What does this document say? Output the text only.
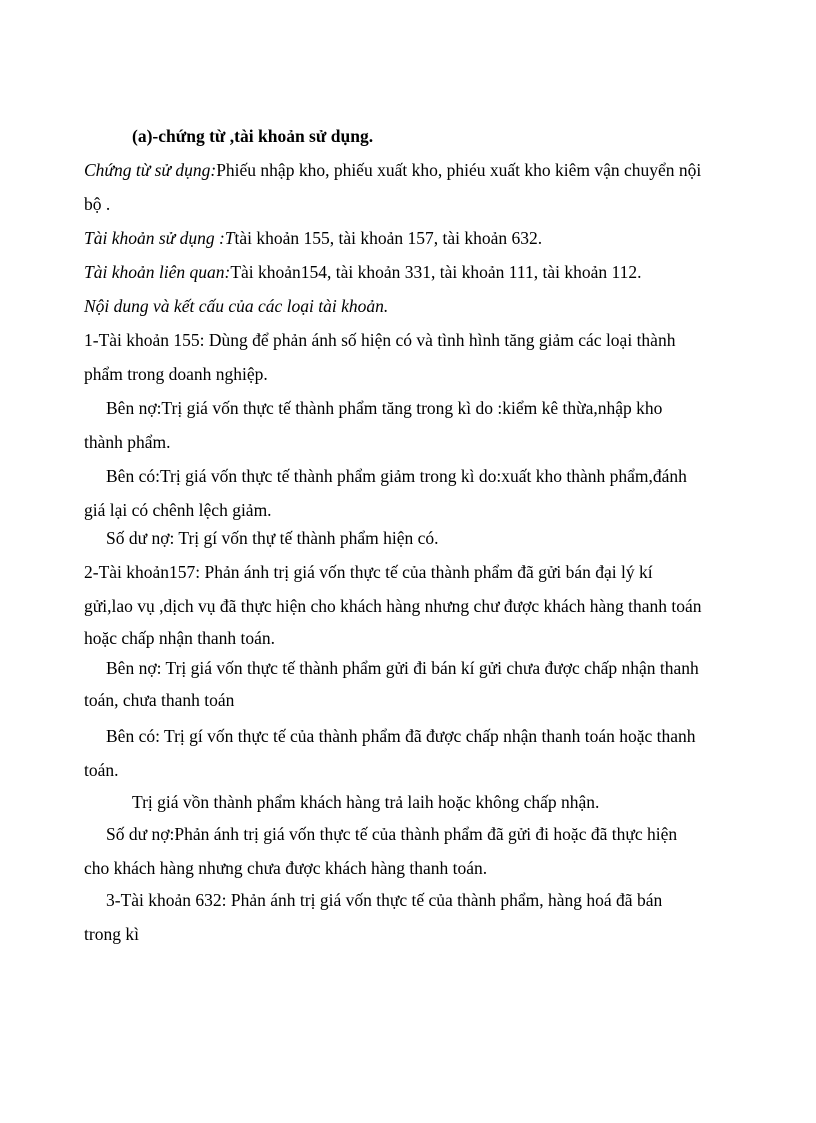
(a)-chứng từ ,tài khoản sử dụng.
Chứng từ sử dụng:Phiếu nhập kho, phiếu xuất kho, phiéu xuất kho kiêm vận chuyển nội
bộ .
Tài khoản sử dụng :Ttài khoản 155, tài khoản 157, tài khoản 632.
Tài khoản liên quan:Tài khoản154, tài khoản 331, tài khoản 111, tài khoản 112.
Nội dung và kết cấu của các loại tài khoản.
1-Tài khoản 155: Dùng để phản ánh số hiện có và tình hình tăng giảm các loại thành
phẩm trong doanh nghiệp.
Bên nợ:Trị giá vốn thực tế thành phẩm tăng trong kì do :kiểm kê thừa,nhập kho
thành phẩm.
Bên có:Trị giá vốn thực tế thành phẩm giảm trong kì do:xuất kho thành phẩm,đánh
giá lại có chênh lệch giảm.
Số dư nợ: Trị gí vốn thự tế thành phẩm hiện có.
2-Tài khoản157: Phản ánh trị giá vốn thực tế của thành phẩm đã gửi bán đại lý kí
gửi,lao vụ ,dịch vụ đã thực hiện cho khách hàng nhưng chư được khách hàng thanh toán
hoặc chấp nhận thanh toán.
Bên nợ: Trị giá vốn thực tế thành phẩm gửi đi bán kí gửi chưa được chấp nhận thanh
toán, chưa thanh toán
Bên có: Trị gí vốn thực tế của thành phẩm đã được chấp nhận thanh toán hoặc thanh
toán.
Trị giá vồn thành phẩm khách hàng trả laih hoặc không chấp nhận.
Số dư nợ:Phản ánh trị giá vốn thực tế của thành phẩm đã gửi đi hoặc đã thực hiện
cho khách hàng nhưng chưa được khách hàng thanh toán.
3-Tài khoản 632: Phản ánh trị giá vốn thực tế của thành phẩm, hàng hoá đã bán
trong kì
